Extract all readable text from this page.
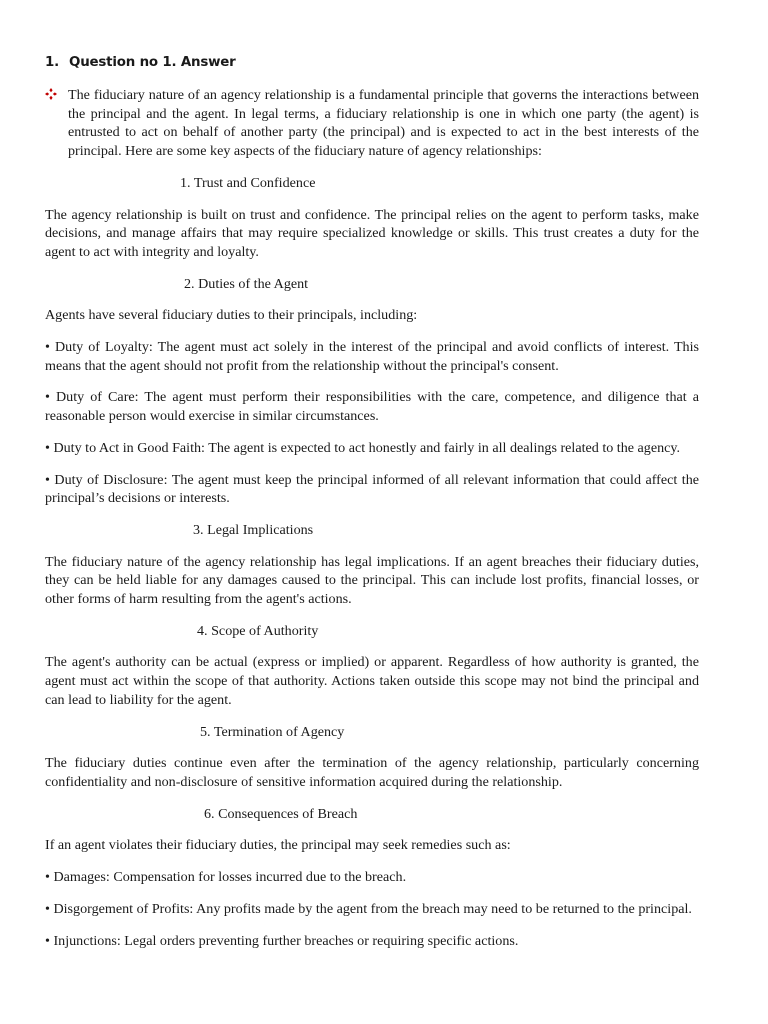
1. Question no 1. Answer

The fiduciary nature of an agency relationship is a fundamental principle that governs the interactions between the principal and the agent. In legal terms, a fiduciary relationship is one in which one party (the agent) is entrusted to act on behalf of another party (the principal) and is expected to act in the best interests of the principal. Here are some key aspects of the fiduciary nature of agency relationships:

1. Trust and Confidence

The agency relationship is built on trust and confidence. The principal relies on the agent to perform tasks, make decisions, and manage affairs that may require specialized knowledge or skills. This trust creates a duty for the agent to act with integrity and loyalty.

2. Duties of the Agent

Agents have several fiduciary duties to their principals, including:

• Duty of Loyalty: The agent must act solely in the interest of the principal and avoid conflicts of interest. This means that the agent should not profit from the relationship without the principal's consent.

• Duty of Care: The agent must perform their responsibilities with the care, competence, and diligence that a reasonable person would exercise in similar circumstances.

• Duty to Act in Good Faith: The agent is expected to act honestly and fairly in all dealings related to the agency.

• Duty of Disclosure: The agent must keep the principal informed of all relevant information that could affect the principal’s decisions or interests.

3. Legal Implications

The fiduciary nature of the agency relationship has legal implications. If an agent breaches their fiduciary duties, they can be held liable for any damages caused to the principal. This can include lost profits, financial losses, or other forms of harm resulting from the agent's actions.

4. Scope of Authority

The agent's authority can be actual (express or implied) or apparent. Regardless of how authority is granted, the agent must act within the scope of that authority. Actions taken outside this scope may not bind the principal and can lead to liability for the agent.

5. Termination of Agency

The fiduciary duties continue even after the termination of the agency relationship, particularly concerning confidentiality and non-disclosure of sensitive information acquired during the relationship.

6. Consequences of Breach

If an agent violates their fiduciary duties, the principal may seek remedies such as:

• Damages: Compensation for losses incurred due to the breach.

• Disgorgement of Profits: Any profits made by the agent from the breach may need to be returned to the principal.

• Injunctions: Legal orders preventing further breaches or requiring specific actions.
